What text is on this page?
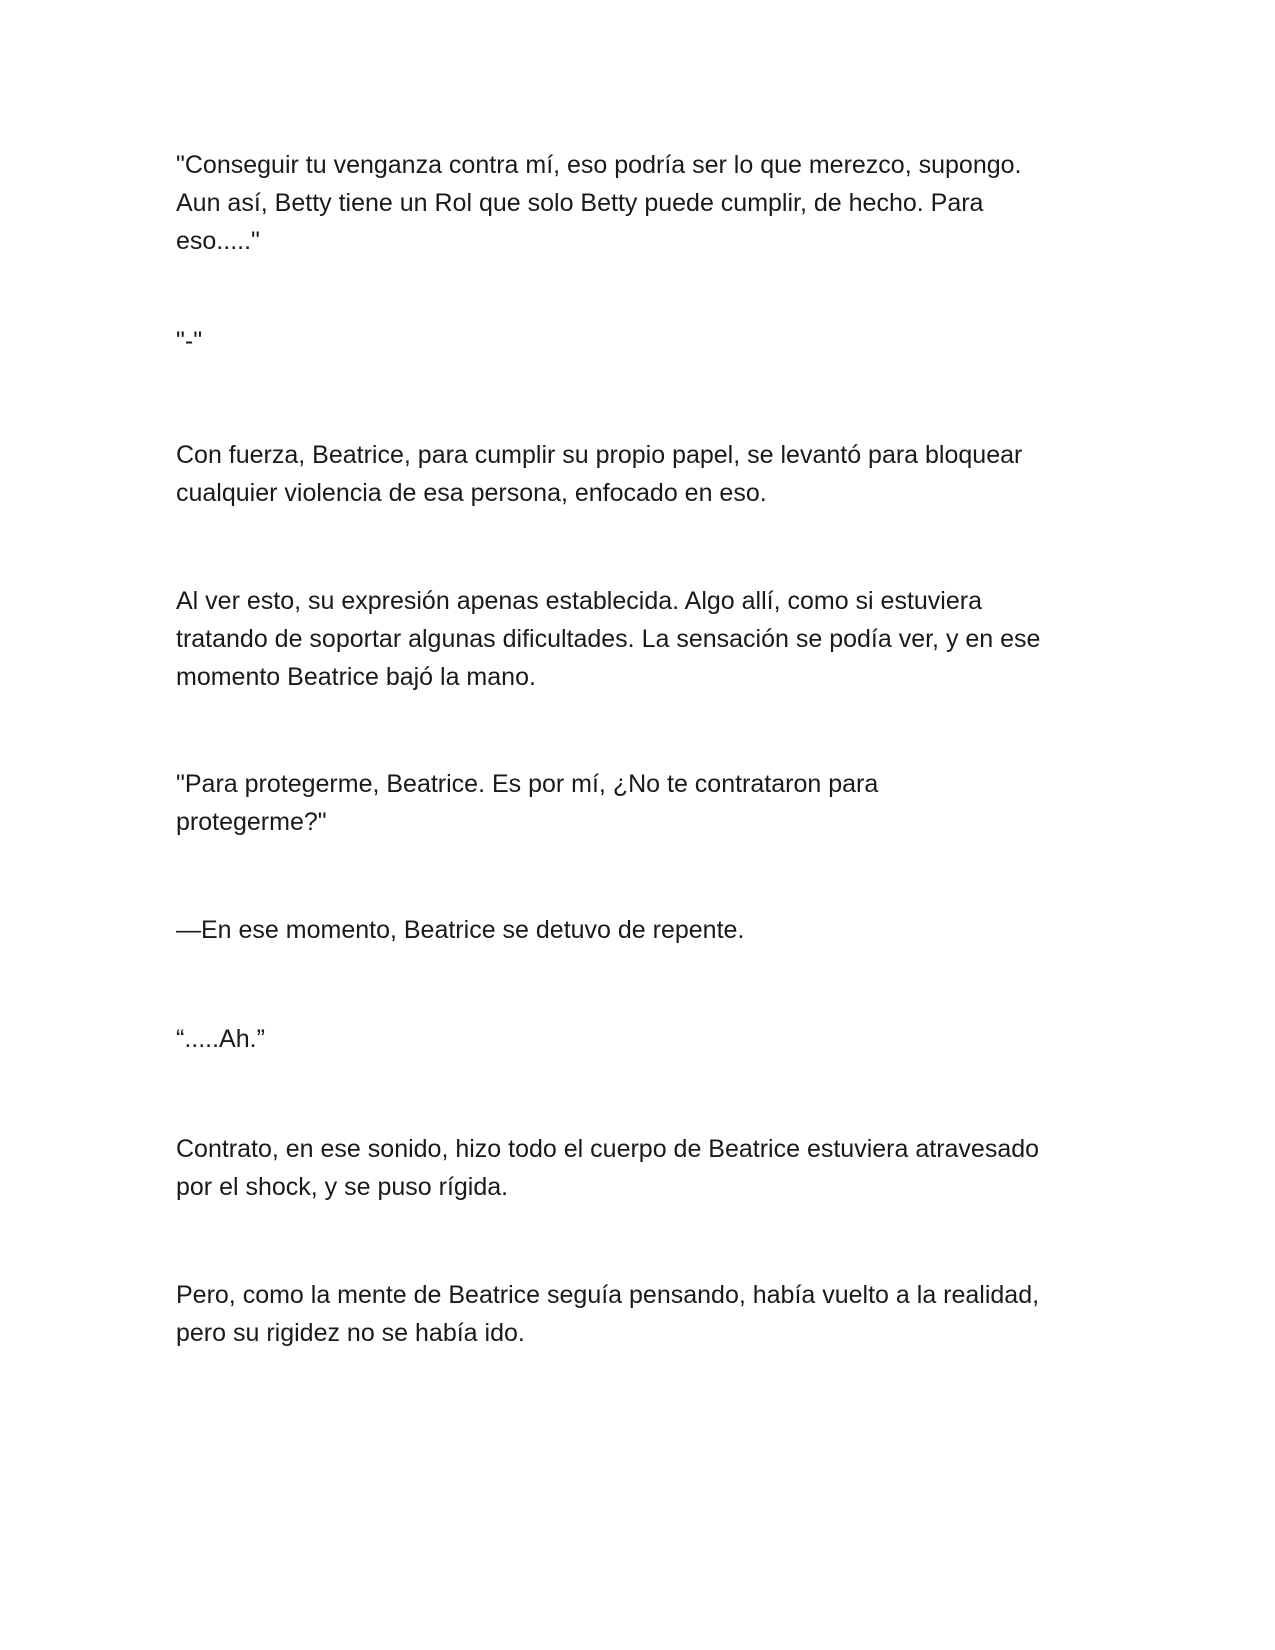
"Conseguir tu venganza contra mí, eso podría ser lo que merezco, supongo.
Aun así, Betty tiene un Rol que solo Betty puede cumplir, de hecho. Para
eso....."

"-"

Con fuerza, Beatrice, para cumplir su propio papel, se levantó para bloquear
cualquier violencia de esa persona, enfocado en eso.

Al ver esto, su expresión apenas establecida. Algo allí, como si estuviera
tratando de soportar algunas dificultades. La sensación se podía ver, y en ese
momento Beatrice bajó la mano.

"Para protegerme, Beatrice. Es por mí, ¿No te contrataron para
protegerme?"

—En ese momento, Beatrice se detuvo de repente.

“.....Ah.”

Contrato, en ese sonido, hizo todo el cuerpo de Beatrice estuviera atravesado
por el shock, y se puso rígida.

Pero, como la mente de Beatrice seguía pensando, había vuelto a la realidad,
pero su rigidez no se había ido.
